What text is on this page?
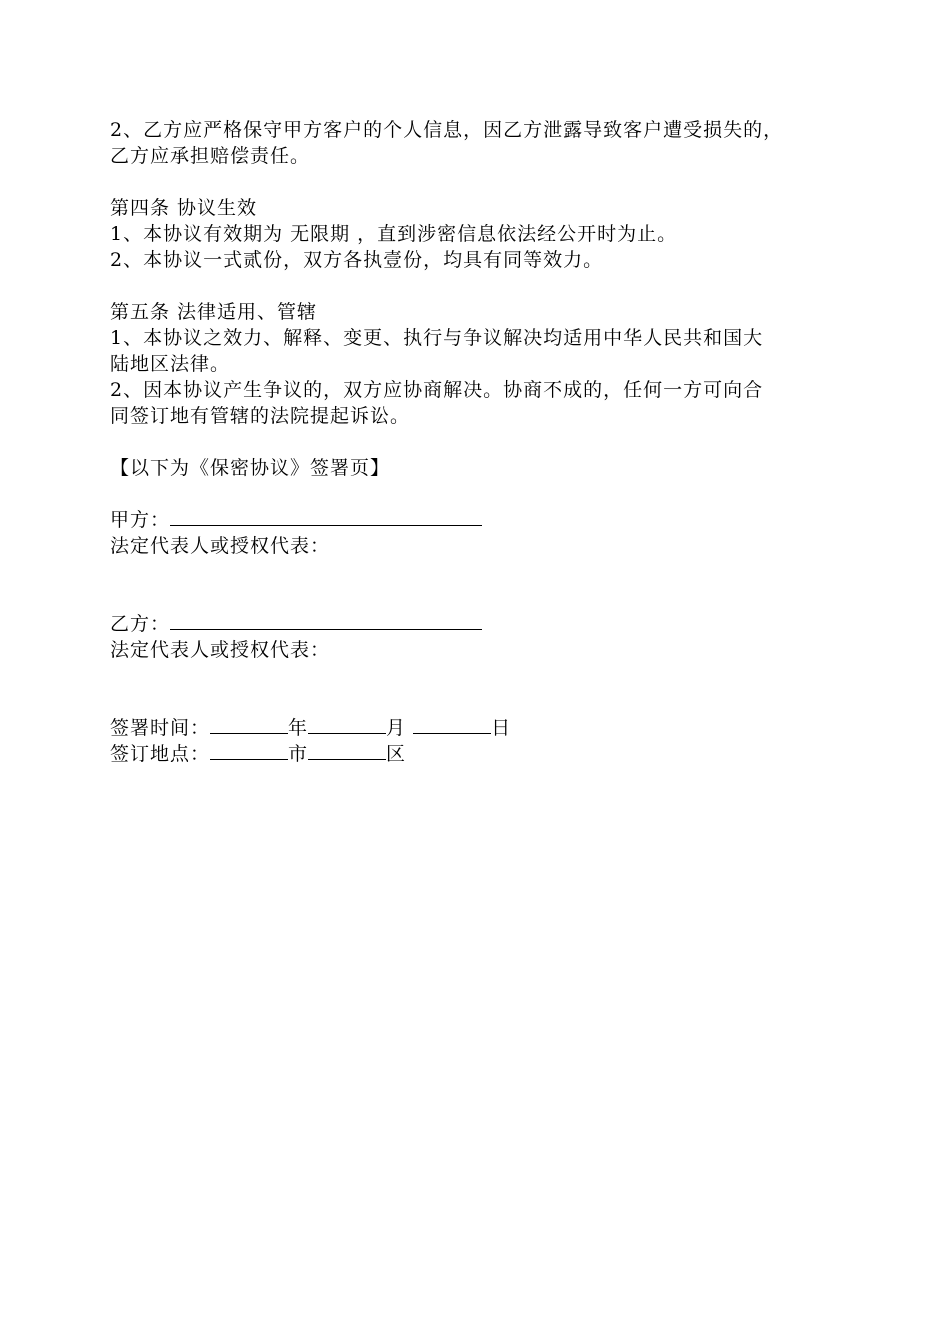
2、乙方应严格保守甲方客户的个人信息，因乙方泄露导致客户遭受损失的，
乙方应承担赔偿责任。
第四条 协议生效
1、本协议有效期为 无限期 ，直到涉密信息依法经公开时为止。
2、本协议一式贰份，双方各执壹份，均具有同等效力。
第五条 法律适用、管辖
1、本协议之效力、解释、变更、执行与争议解决均适用中华人民共和国大
陆地区法律。
2、因本协议产生争议的，双方应协商解决。协商不成的，任何一方可向合
同签订地有管辖的法院提起诉讼。
【以下为《保密协议》签署页】
甲方：
法定代表人或授权代表：
乙方：
法定代表人或授权代表：
签署时间：	年	月	日
签订地点：	市	区
